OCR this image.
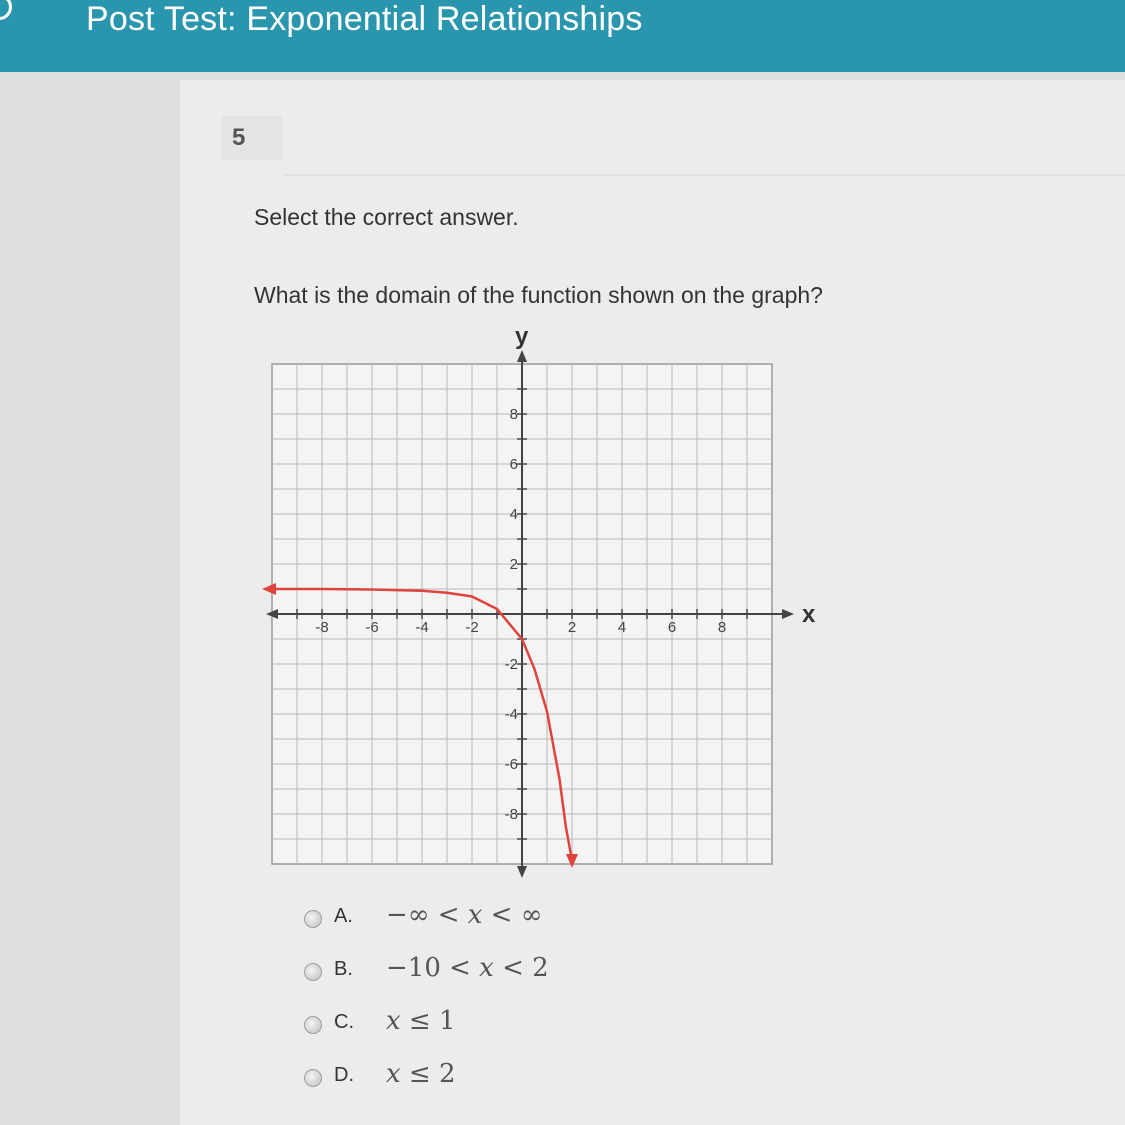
Post Test: Exponential Relationships
5
Select the correct answer.
What is the domain of the function shown on the graph?
x
y
-8 -6 -4 -2	2	4	6	8
8
6
4
2
-2
-4
-6
-8
A. −∞ < 𝑥 < ∞
B. −10 < 𝑥 < 2
C. 𝑥 ≤ 1
D. 𝑥 ≤ 2
